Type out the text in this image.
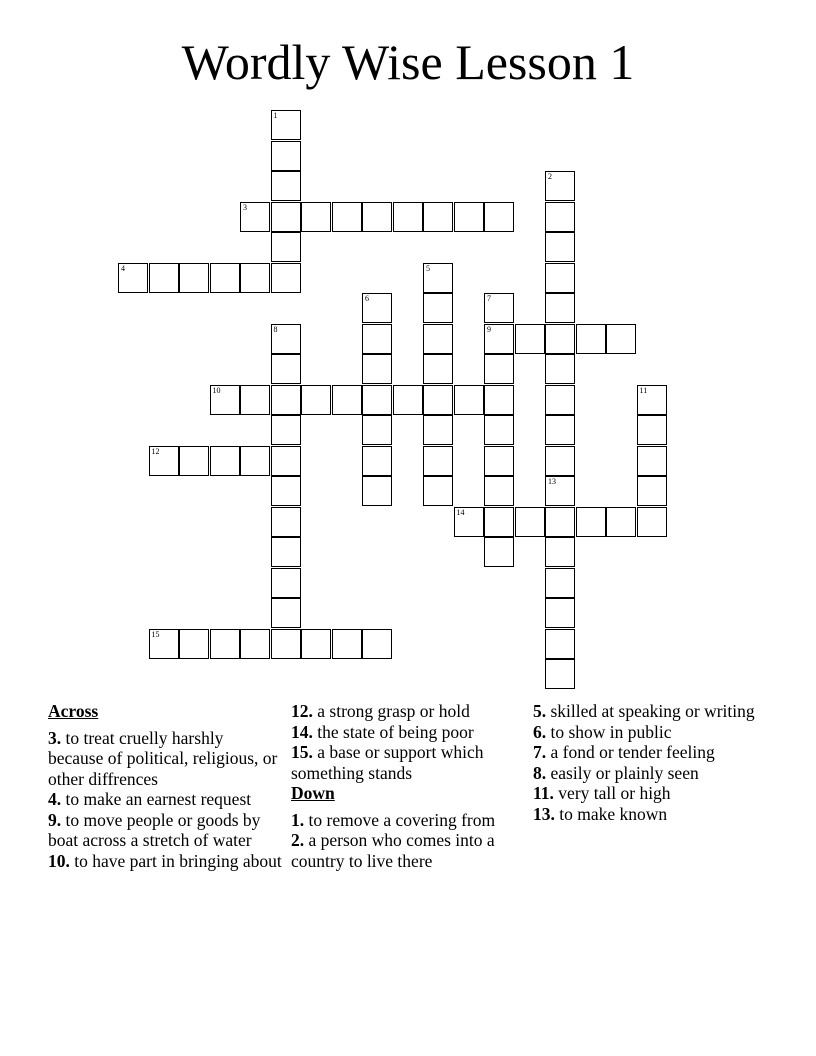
Wordly Wise Lesson 1
1
2
3
4	5
6	7
9
8
10	11
12
13
14
15
Across

3. to treat cruelly harshly because of political, religious, or other diffrences

4. to make an earnest request

9. to move people or goods by boat across a stretch of water

10. to have part in bringing about

12. a strong grasp or hold

14. the state of being poor

15. a base or support which something stands

Down

1. to remove a covering from

2. a person who comes into a country to live there

5. skilled at speaking or writing

6. to show in public

7. a fond or tender feeling

8. easily or plainly seen

11. very tall or high

13. to make known
